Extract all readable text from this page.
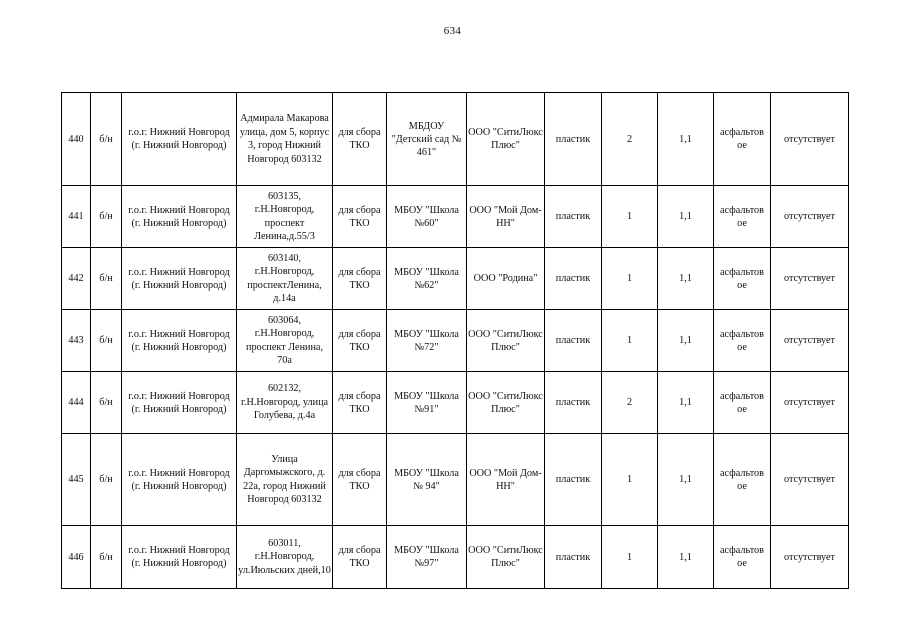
634
440	б/н	г.о.г. Нижний Новгород (г. Нижний Новгород)	Адмирала Макарова улица, дом 5, корпус 3, город Нижний Новгород 603132	для сбора ТКО	МБДОУ "Детский сад № 461"	ООО "СитиЛюкс Плюс"	пластик	2	1,1	асфальтов ое	отсутствует
441	б/н	г.о.г. Нижний Новгород (г. Нижний Новгород)	603135, г.Н.Новгород, проспект Ленина,д.55/3	для сбора ТКО	МБОУ "Школа №60"	ООО "Мой Дом-НН"	пластик	1	1,1	асфальтов ое	отсутствует
442	б/н	г.о.г. Нижний Новгород (г. Нижний Новгород)	603140, г.Н.Новгород, проспектЛенина, д.14а	для сбора ТКО	МБОУ "Школа №62"	ООО "Родина"	пластик	1	1,1	асфальтов ое	отсутствует
443	б/н	г.о.г. Нижний Новгород (г. Нижний Новгород)	603064, г.Н.Новгород, проспект Ленина, 70а	для сбора ТКО	МБОУ "Школа №72"	ООО "СитиЛюкс Плюс"	пластик	1	1,1	асфальтов ое	отсутствует
444	б/н	г.о.г. Нижний Новгород (г. Нижний Новгород)	602132, г.Н.Новгород, улица Голубева, д.4а	для сбора ТКО	МБОУ "Школа №91"	ООО "СитиЛюкс Плюс"	пластик	2	1,1	асфальтов ое	отсутствует
445	б/н	г.о.г. Нижний Новгород (г. Нижний Новгород)	Улица Даргомыжского, д. 22а, город Нижний Новгород 603132	для сбора ТКО	МБОУ "Школа № 94"	ООО "Мой Дом-НН"	пластик	1	1,1	асфальтов ое	отсутствует
446	б/н	г.о.г. Нижний Новгород (г. Нижний Новгород)	603011, г.Н.Новгород, ул.Июльских дней,10	для сбора ТКО	МБОУ "Школа №97"	ООО "СитиЛюкс Плюс"	пластик	1	1,1	асфальтов ое	отсутствует
